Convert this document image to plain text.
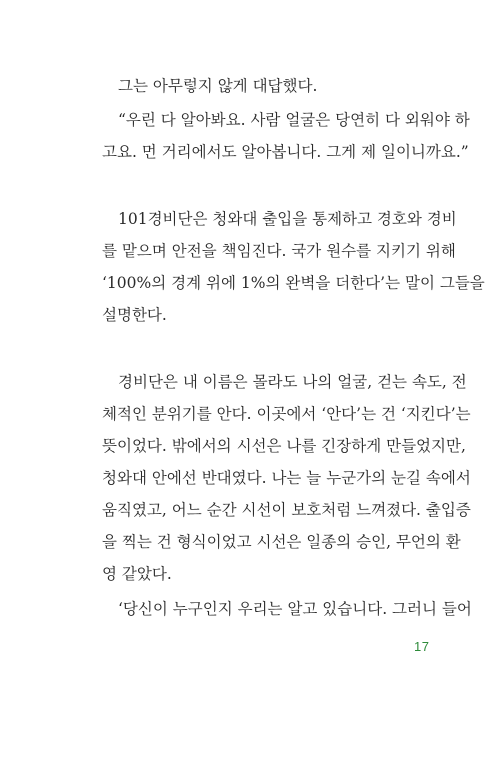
그는 아무렇지 않게 대답했다.
“우린 다 알아봐요. 사람 얼굴은 당연히 다 외워야 하
고요. 먼 거리에서도 알아봅니다. 그게 제 일이니까요.”
101경비단은 청와대 출입을 통제하고 경호와 경비
를 맡으며 안전을 책임진다. 국가 원수를 지키기 위해
‘100%의 경계 위에 1%의 완벽을 더한다’는 말이 그들을
설명한다.
경비단은 내 이름은 몰라도 나의 얼굴, 걷는 속도, 전
체적인 분위기를 안다. 이곳에서 ‘안다’는 건 ‘지킨다’는
뜻이었다. 밖에서의 시선은 나를 긴장하게 만들었지만,
청와대 안에선 반대였다. 나는 늘 누군가의 눈길 속에서
움직였고, 어느 순간 시선이 보호처럼 느껴졌다. 출입증
을 찍는 건 형식이었고 시선은 일종의 승인, 무언의 환
영 같았다.
‘당신이 누구인지 우리는 알고 있습니다. 그러니 들어
17
